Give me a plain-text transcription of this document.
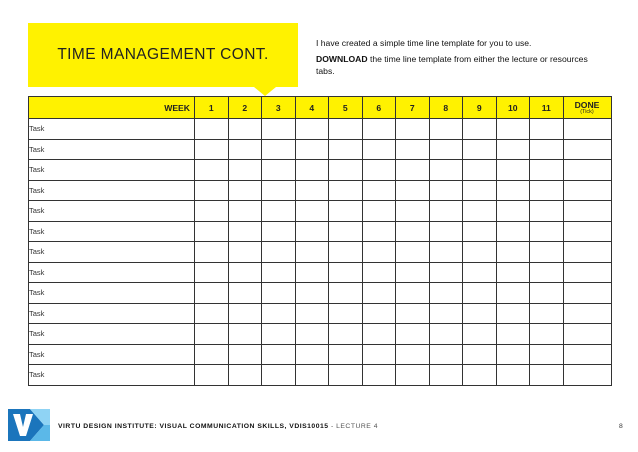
TIME MANAGEMENT CONT.
I have created a simple time line template for you to use.
DOWNLOAD the time line template from either the lecture or resources tabs.
WEEK	1	2	3	4	5	6	7	8	9	10	11	DONE
(Tick)

Task												
Task												
Task												
Task												
Task												
Task												
Task												
Task												
Task												
Task												
Task												
Task												
Task												
VIRTU DESIGN INSTITUTE: VISUAL COMMUNICATION SKILLS, VDIS10015 - LECTURE 4	8
